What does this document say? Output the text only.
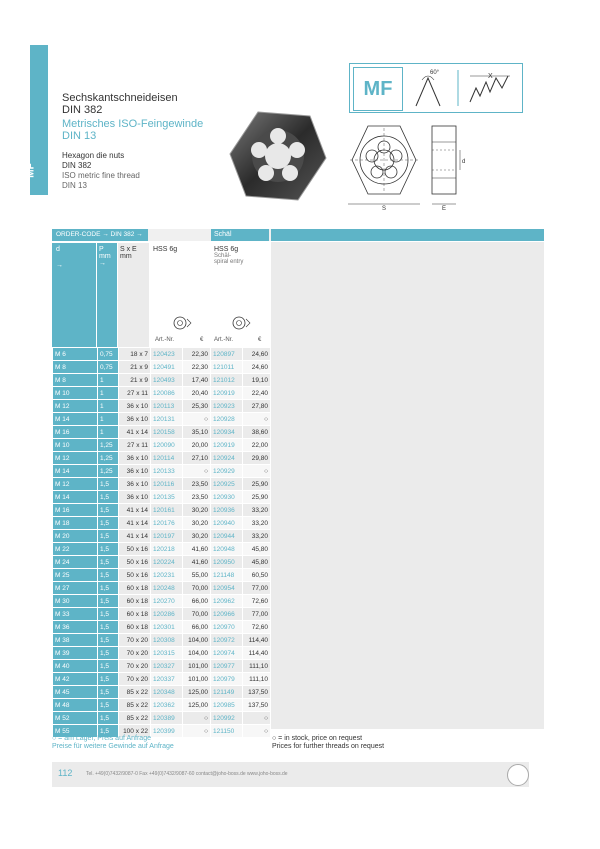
MF
Sechskantschneideisen
DIN 382
Metrisches ISO-Feingewinde
DIN 13
Hexagon die nuts
DIN 382
ISO metric fine thread
DIN 13
MF
60°	X
d
S	E
ORDER-CODE → DIN 382 →	Schäl
d
→
P
mm
→
S x E
mm
HSS 6g	HSS 6g
Schäl-
spiral entry
Art.-Nr.	€ Art.-Nr.	€
M 6	0,75	18 x 7	120423	22,30	120897	24,60
M 8	0,75	21 x 9	120491	22,30	121011	24,60
M 8	1	21 x 9	120493	17,40	121012	19,10
M 10	1	27 x 11	120086	20,40	120919	22,40
M 12	1	36 x 10	120113	25,30	120923	27,80
M 14	1	36 x 10	120131	○	120928	○
M 16	1	41 x 14	120158	35,10	120934	38,60
M 10	1,25	27 x 11	120090	20,00	120919	22,00
M 12	1,25	36 x 10	120114	27,10	120924	29,80
M 14	1,25	36 x 10	120133	○	120929	○
M 12	1,5	36 x 10	120116	23,50	120925	25,90
M 14	1,5	36 x 10	120135	23,50	120930	25,90
M 16	1,5	41 x 14	120161	30,20	120936	33,20
M 18	1,5	41 x 14	120176	30,20	120940	33,20
M 20	1,5	41 x 14	120197	30,20	120944	33,20
M 22	1,5	50 x 16	120218	41,60	120948	45,80
M 24	1,5	50 x 16	120224	41,60	120950	45,80
M 25	1,5	50 x 16	120231	55,00	121148	60,50
M 27	1,5	60 x 18	120248	70,00	120954	77,00
M 30	1,5	60 x 18	120270	66,00	120962	72,60
M 33	1,5	60 x 18	120286	70,00	120966	77,00
M 36	1,5	60 x 18	120301	66,00	120970	72,60
M 38	1,5	70 x 20	120308	104,00	120972	114,40
M 39	1,5	70 x 20	120315	104,00	120974	114,40
M 40	1,5	70 x 20	120327	101,00	120977	111,10
M 42	1,5	70 x 20	120337	101,00	120979	111,10
M 45	1,5	85 x 22	120348	125,00	121149	137,50
M 48	1,5	85 x 22	120362	125,00	120985	137,50
M 52	1,5	85 x 22	120389	○	120992	○
M 55	1,5	100 x 22	120399	○	121150	○
○ = am Lager, Preis auf Anfrage
Preise für weitere Gewinde auf Anfrage
○ = in stock, price on request
Prices for further threads on request
112	Tel. +49(0)7432/9087-0 Fax +49(0)7432/9087-60 contact@joho-boss.de www.joho-boss.de
